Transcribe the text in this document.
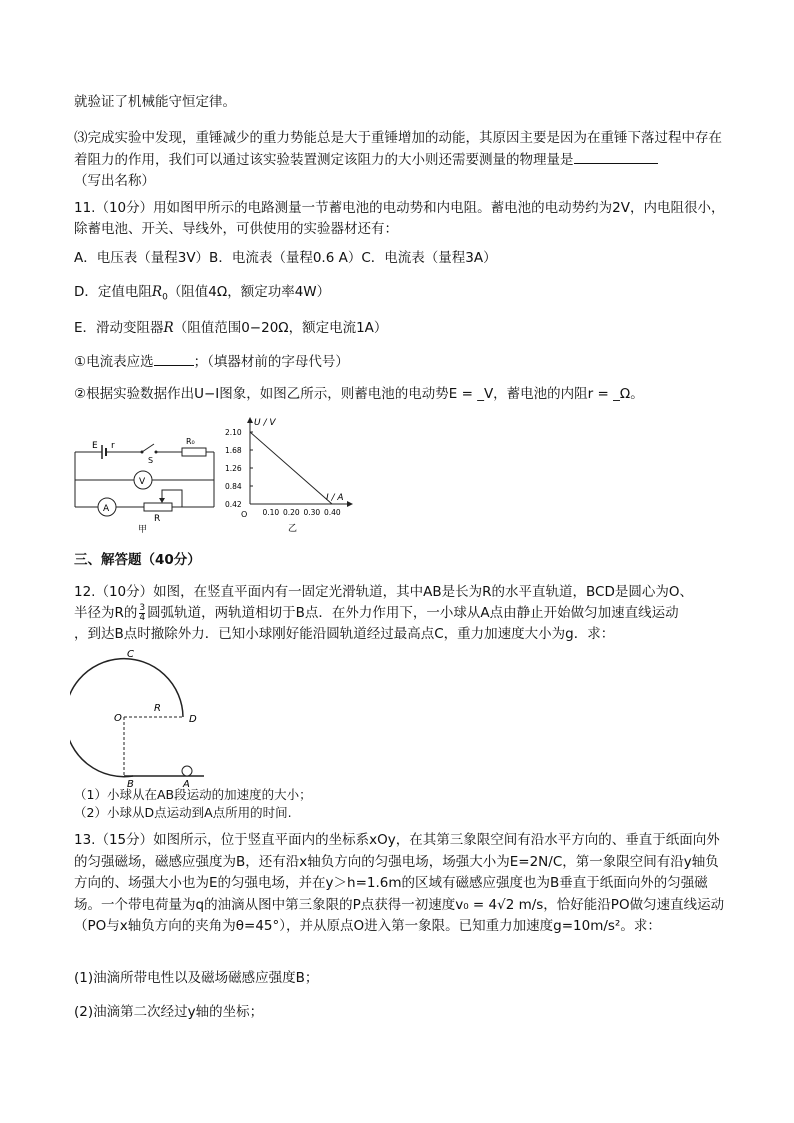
就验证了机械能守恒定律。

⑶完成实验中发现，重锤减少的重力势能总是大于重锤增加的动能，其原因主要是因为在重锤下落过程中存在着阻力的作用，我们可以通过该实验装置测定该阻力的大小则还需要测量的物理量是
（写出名称）

11.（10分）用如图甲所示的电路测量一节蓄电池的电动势和内电阻。蓄电池的电动势约为2V，内电阻很小，除蓄电池、开关、导线外，可供使用的实验器材还有：

A．电压表（量程3V）B．电流表（量程0.6 A）C．电流表（量程3A）

D．定值电阻$R_0$（阻值4Ω，额定功率4W）

E．滑动变阻器R（阻值范围0−20Ω，额定电流1A）

①电流表应选	；（填器材前的字母代号）

②根据实验数据作出U−I图象，如图乙所示，则蓄电池的电动势E = _V，蓄电池的内阻r = _Ω。

E r
S
R₀
V
A
R
甲
U / V
I / A
O
乙
2.10
1.68
1.26
0.84
0.42
0.10 0.20 0.30 0.40

三、解答题（40分）

12.（10分）如图，在竖直平面内有一固定光滑轨道，其中AB是长为R的水平直轨道，BCD是圆心为O、
半径为R的 $\frac{3}{4}$ 圆弧轨道，两轨道相切于B点．在外力作用下，一小球从A点由静止开始做匀加速直线运动
，到达B点时撤除外力．已知小球刚好能沿圆轨道经过最高点C，重力加速度大小为g．求：

C
O
R
D
B	A

（1）小球从在AB段运动的加速度的大小；
（2）小球从D点运动到A点所用的时间.

13.（15分）如图所示，位于竖直平面内的坐标系xOy，在其第三象限空间有沿水平方向的、垂直于纸面向外的匀强磁场，磁感应强度为B，还有沿x轴负方向的匀强电场，场强大小为E=2N/C，第一象限空间有沿y轴负方向的、场强大小也为E的匀强电场，并在y＞h=1.6m的区域有磁感应强度也为B垂直于纸面向外的匀强磁场。一个带电荷量为q的油滴从图中第三象限的P点获得一初速度v₀ = 4√2 m/s，恰好能沿PO做匀速直线运动（PO与x轴负方向的夹角为θ=45°），并从原点O进入第一象限。已知重力加速度g=10m/s²。求：

(1)油滴所带电性以及磁场磁感应强度B；

(2)油滴第二次经过y轴的坐标；
